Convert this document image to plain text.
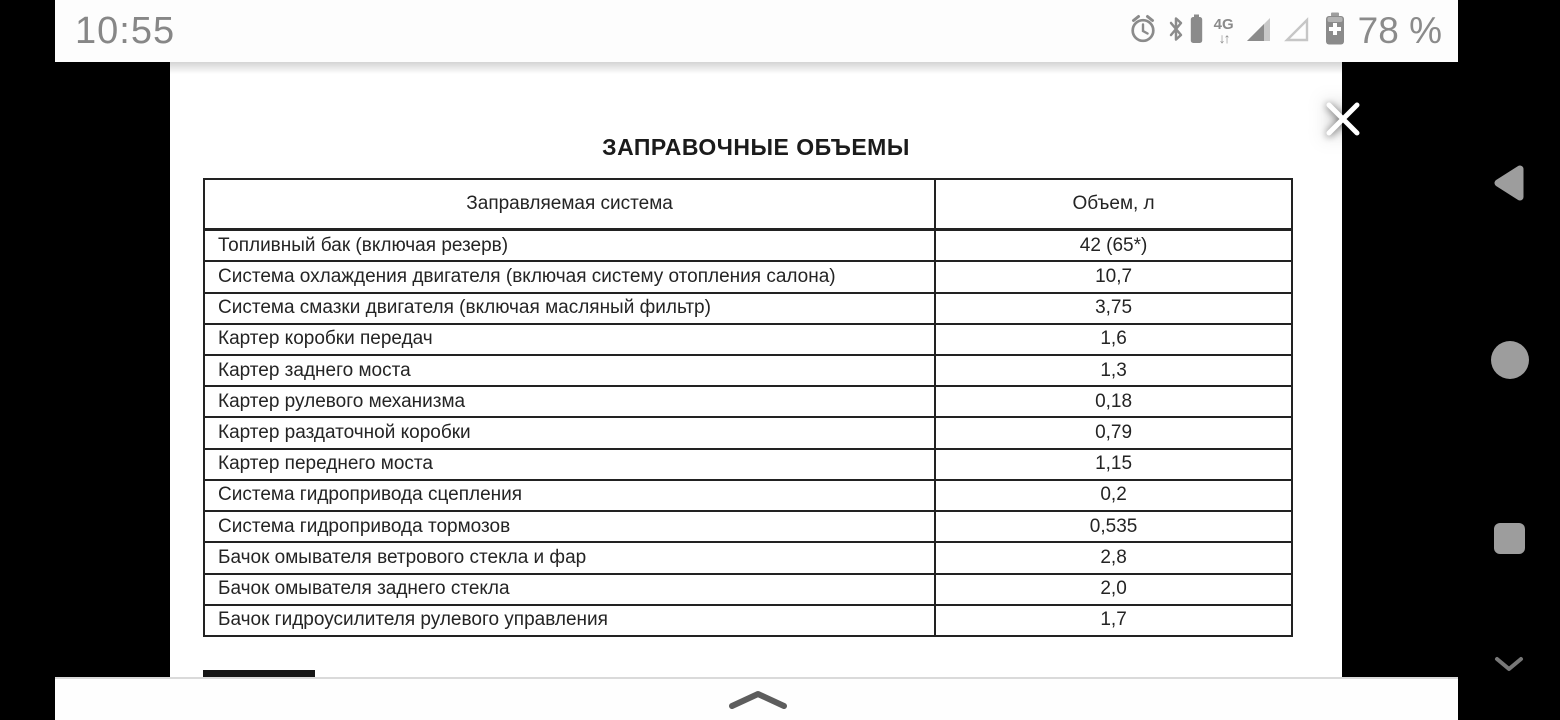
10:55	4G
↓↑	78 %
ЗАПРАВОЧНЫЕ ОБЪЕМЫ
Заправляемая система	Объем, л
Топливный бак (включая резерв)	42 (65*)
Система охлаждения двигателя (включая систему отопления салона)	10,7
Система смазки двигателя (включая масляный фильтр)	3,75
Картер коробки передач	1,6
Картер заднего моста	1,3
Картер рулевого механизма	0,18
Картер раздаточной коробки	0,79
Картер переднего моста	1,15
Система гидропривода сцепления	0,2
Система гидропривода тормозов	0,535
Бачок омывателя ветрового стекла и фар	2,8
Бачок омывателя заднего стекла	2,0
Бачок гидроусилителя рулевого управления	1,7
